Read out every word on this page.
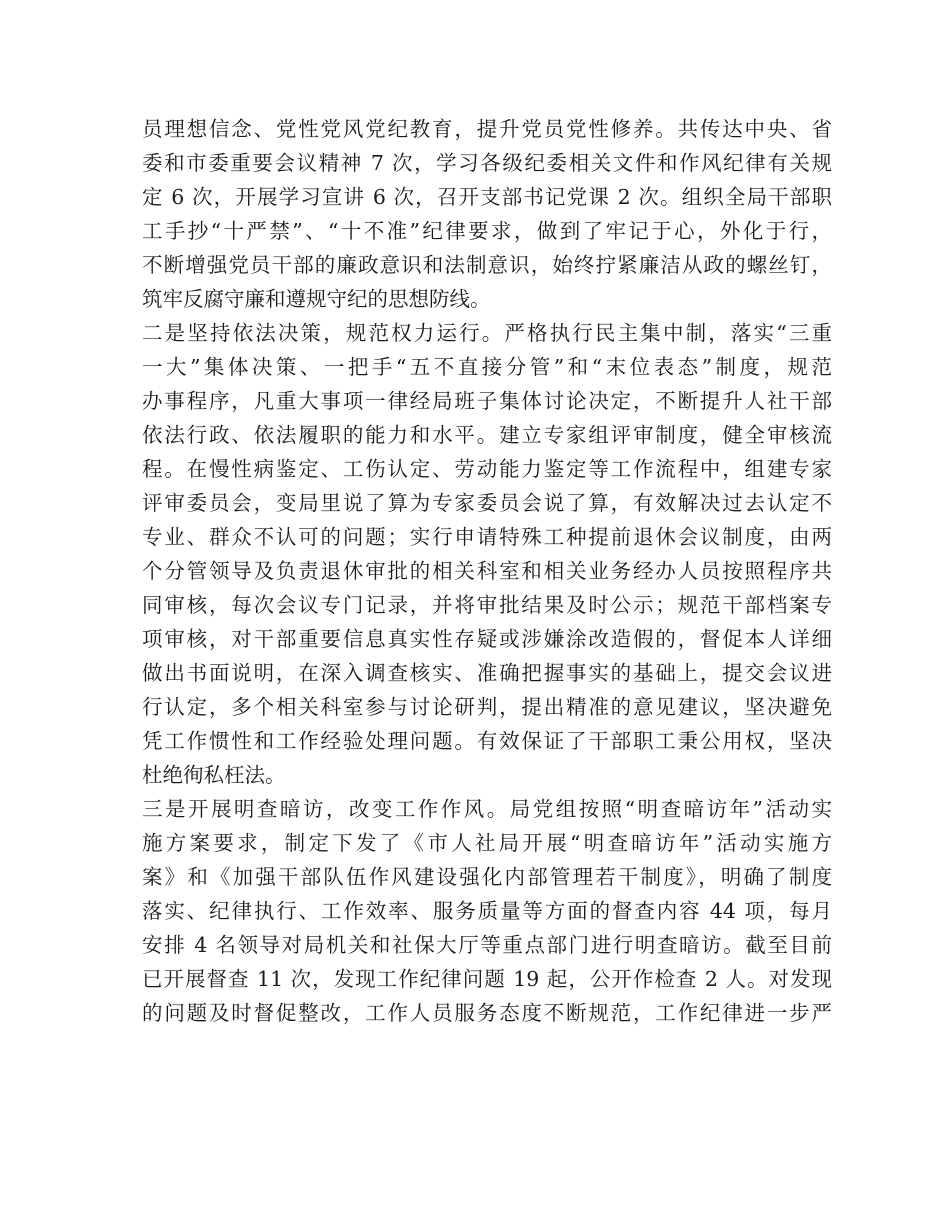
员理想信念、党性党风党纪教育，提升党员党性修养。共传达中央、省
委和市委重要会议精神 7 次，学习各级纪委相关文件和作风纪律有关规
定 6 次，开展学习宣讲 6 次，召开支部书记党课 2 次。组织全局干部职
工手抄“十严禁”、“十不准”纪律要求，做到了牢记于心，外化于行，
不断增强党员干部的廉政意识和法制意识，始终拧紧廉洁从政的螺丝钉，
筑牢反腐守廉和遵规守纪的思想防线。
二是坚持依法决策，规范权力运行。严格执行民主集中制，落实“三重
一大”集体决策、一把手“五不直接分管”和“末位表态”制度，规范
办事程序，凡重大事项一律经局班子集体讨论决定，不断提升人社干部
依法行政、依法履职的能力和水平。建立专家组评审制度，健全审核流
程。在慢性病鉴定、工伤认定、劳动能力鉴定等工作流程中，组建专家
评审委员会，变局里说了算为专家委员会说了算，有效解决过去认定不
专业、群众不认可的问题；实行申请特殊工种提前退休会议制度，由两
个分管领导及负责退休审批的相关科室和相关业务经办人员按照程序共
同审核，每次会议专门记录，并将审批结果及时公示；规范干部档案专
项审核，对干部重要信息真实性存疑或涉嫌涂改造假的，督促本人详细
做出书面说明，在深入调查核实、准确把握事实的基础上，提交会议进
行认定，多个相关科室参与讨论研判，提出精准的意见建议，坚决避免
凭工作惯性和工作经验处理问题。有效保证了干部职工秉公用权，坚决
杜绝徇私枉法。
三是开展明查暗访，改变工作作风。局党组按照“明查暗访年”活动实
施方案要求，制定下发了《市人社局开展“明查暗访年”活动实施方
案》和《加强干部队伍作风建设强化内部管理若干制度》，明确了制度
落实、纪律执行、工作效率、服务质量等方面的督查内容 44 项，每月
安排 4 名领导对局机关和社保大厅等重点部门进行明查暗访。截至目前
已开展督查 11 次，发现工作纪律问题 19 起，公开作检查 2 人。对发现
的问题及时督促整改，工作人员服务态度不断规范，工作纪律进一步严
